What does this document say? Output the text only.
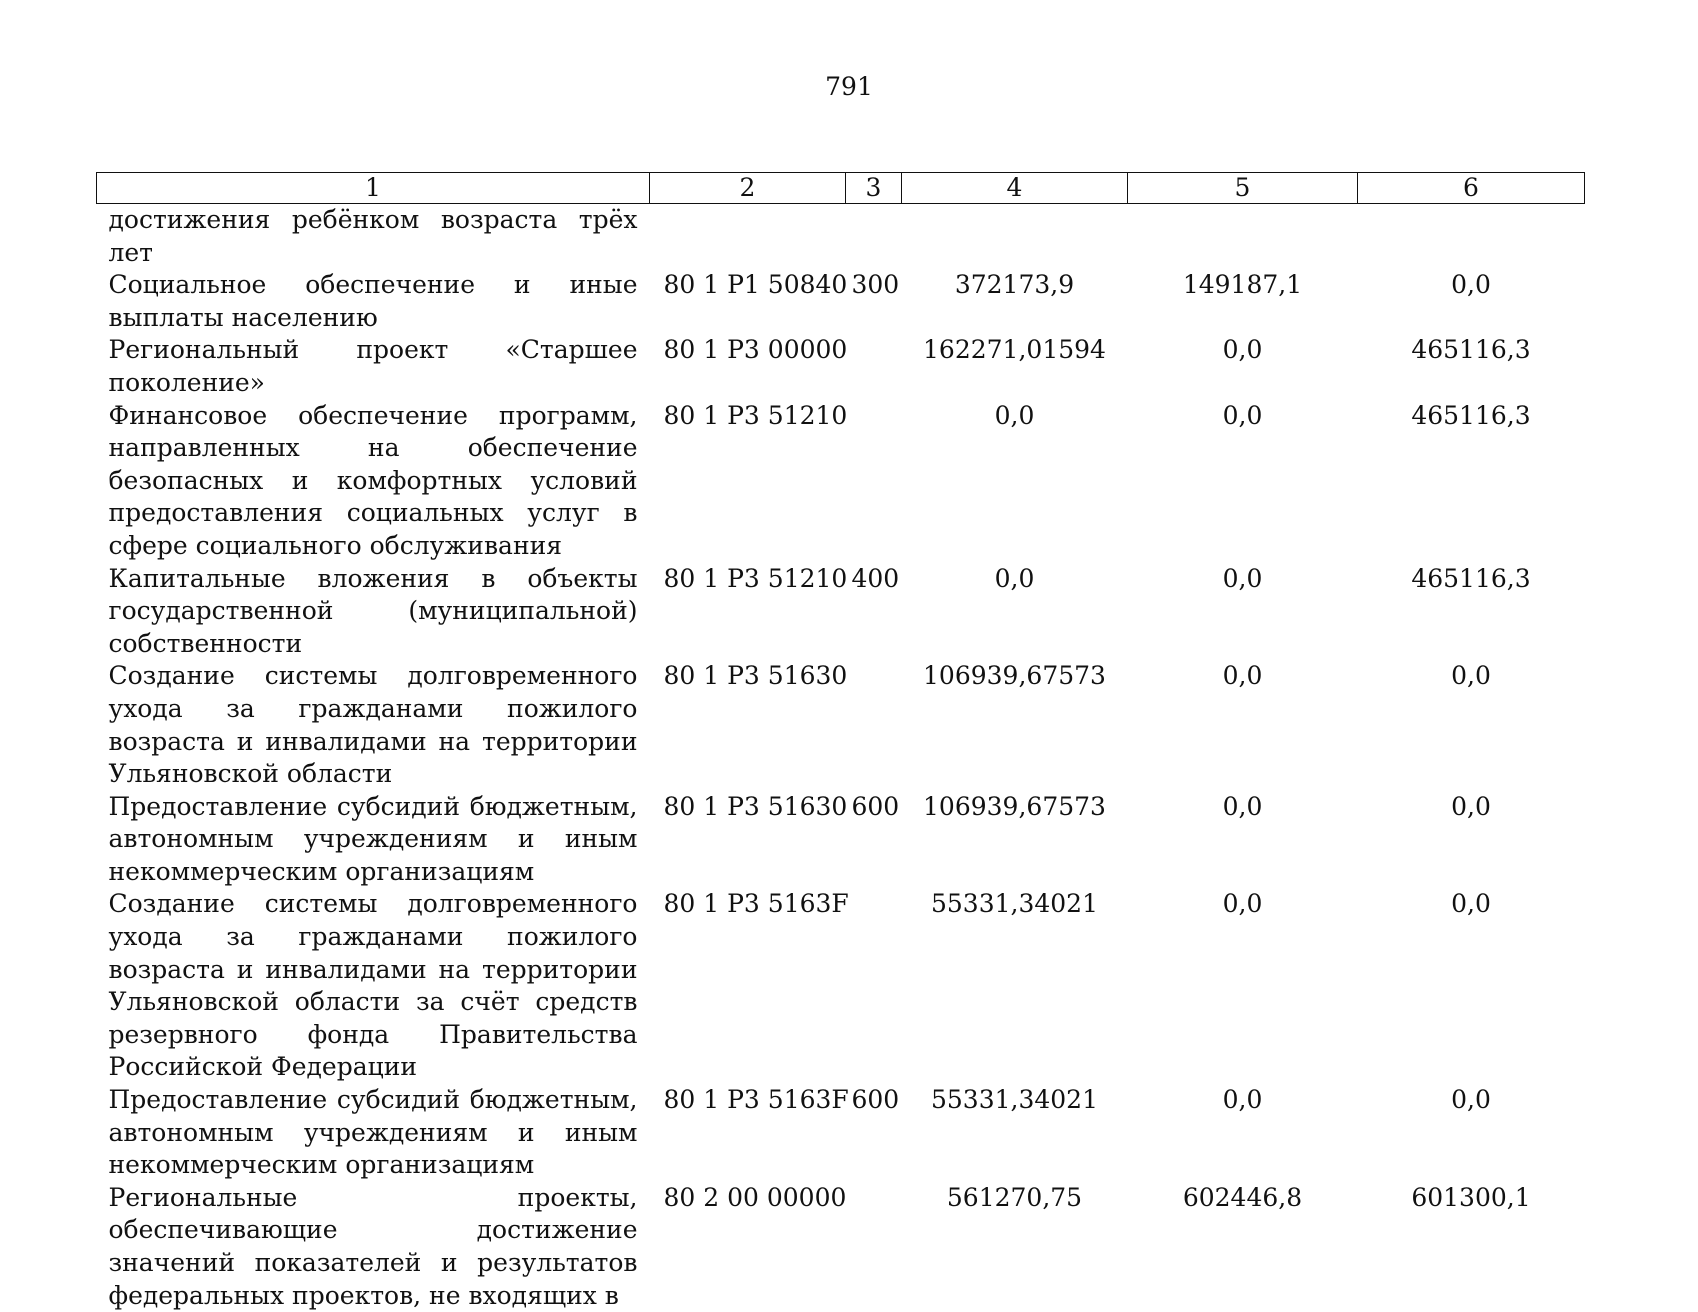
791
1	2	3	4	5	6
достижения ребёнком возраста трёх лет					
Социальное обеспечение и иные выплаты населению	80 1 P1 50840	300	372173,9	149187,1	0,0
Региональный проект «Старшее поколение»	80 1 P3 00000		162271,01594	0,0	465116,3
Финансовое обеспечение программ, направленных на обеспечение безопасных и комфортных условий предоставления социальных услуг в сфере социального обслуживания	80 1 P3 51210		0,0	0,0	465116,3
Капитальные вложения в объекты государственной (муниципальной) собственности	80 1 P3 51210	400	0,0	0,0	465116,3
Создание системы долговременного ухода за гражданами пожилого возраста и инвалидами на территории Ульяновской области	80 1 P3 51630		106939,67573	0,0	0,0
Предоставление субсидий бюджетным, автономным учреждениям и иным некоммерческим организациям	80 1 P3 51630	600	106939,67573	0,0	0,0
Создание системы долговременного ухода за гражданами пожилого возраста и инвалидами на территории Ульяновской области за счёт средств резервного фонда Правительства Российской Федерации	80 1 P3 5163F		55331,34021	0,0	0,0
Предоставление субсидий бюджетным, автономным учреждениям и иным некоммерческим организациям	80 1 P3 5163F	600	55331,34021	0,0	0,0
Региональные проекты, обеспечивающие достижение значений показателей и результатов федеральных проектов, не входящих в	80 2 00 00000		561270,75	602446,8	601300,1
